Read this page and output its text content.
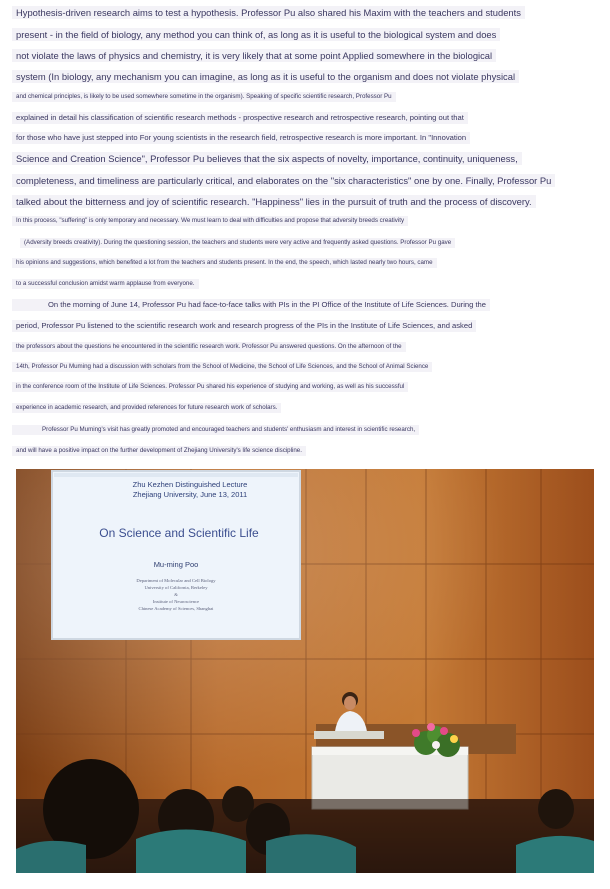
Hypothesis-driven research aims to test a hypothesis. Professor Pu also shared his Maxim with the teachers and students
present - in the field of biology, any method you can think of, as long as it is useful to the biological system and does
not violate the laws of physics and chemistry, it is very likely that at some point Applied somewhere in the biological
system (In biology, any mechanism you can imagine, as long as it is useful to the organism and does not violate physical
and chemical principles, is likely to be used somewhere sometime in the organism). Speaking of specific scientific research, Professor Pu
explained in detail his classification of scientific research methods - prospective research and retrospective research, pointing out that
for those who have just stepped into For young scientists in the research field, retrospective research is more important. In "Innovation
Science and Creation Science", Professor Pu believes that the six aspects of novelty, importance, continuity, uniqueness,
completeness, and timeliness are particularly critical, and elaborates on the "six characteristics" one by one. Finally, Professor Pu
talked about the bitterness and joy of scientific research. "Happiness" lies in the pursuit of truth and the process of discovery.
In this process, "suffering" is only temporary and necessary. We must learn to deal with difficulties and propose that adversity breeds creativity
(Adversity breeds creativity). During the questioning session, the teachers and students were very active and frequently asked questions. Professor Pu gave
his opinions and suggestions, which benefited a lot from the teachers and students present. In the end, the speech, which lasted nearly two hours, came
to a successful conclusion amidst warm applause from everyone.
On the morning of June 14, Professor Pu had face-to-face talks with PIs in the PI Office of the Institute of Life Sciences. During the
period, Professor Pu listened to the scientific research work and research progress of the PIs in the Institute of Life Sciences, and asked
the professors about the questions he encountered in the scientific research work. Professor Pu answered questions. On the afternoon of the
14th, Professor Pu Muming had a discussion with scholars from the School of Medicine, the School of Life Sciences, and the School of Animal Science
in the conference room of the Institute of Life Sciences. Professor Pu shared his experience of studying and working, as well as his successful
experience in academic research, and provided references for future research work of scholars.
Professor Pu Muming's visit has greatly promoted and encouraged teachers and students' enthusiasm and interest in scientific research,
and will have a positive impact on the further development of Zhejiang University's life science discipline.
Zhu Kezhen Distinguished Lecture
Zhejiang University, June 13, 2011
On Science and Scientific Life
Mu-ming Poo
Department of Molecular and Cell Biology
University of California, Berkeley
&
Institute of Neuroscience
Chinese Academy of Sciences, Shanghai
